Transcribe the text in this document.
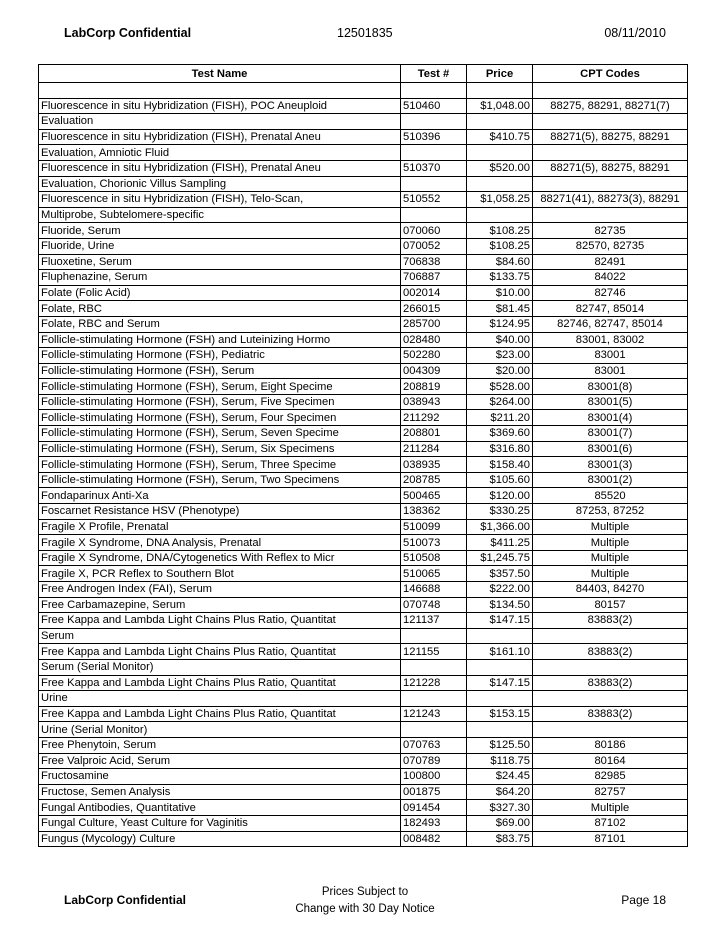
LabCorp Confidential	12501835	08/11/2010
Test Name	Test #	Price	CPT Codes

Fluorescence in situ Hybridization (FISH), POC Aneuploid	510460	$1,048.00	88275, 88291, 88271(7)
Evaluation			
Fluorescence in situ Hybridization (FISH), Prenatal Aneu	510396	$410.75	88271(5), 88275, 88291
Evaluation, Amniotic Fluid			
Fluorescence in situ Hybridization (FISH), Prenatal Aneu	510370	$520.00	88271(5), 88275, 88291
Evaluation, Chorionic Villus Sampling			
Fluorescence in situ Hybridization (FISH), Telo-Scan,	510552	$1,058.25	88271(41), 88273(3), 88291
Multiprobe, Subtelomere-specific			
Fluoride, Serum	070060	$108.25	82735
Fluoride, Urine	070052	$108.25	82570, 82735
Fluoxetine, Serum	706838	$84.60	82491
Fluphenazine, Serum	706887	$133.75	84022
Folate (Folic Acid)	002014	$10.00	82746
Folate, RBC	266015	$81.45	82747, 85014
Folate, RBC and Serum	285700	$124.95	82746, 82747, 85014
Follicle-stimulating Hormone (FSH) and Luteinizing Hormo	028480	$40.00	83001, 83002
Follicle-stimulating Hormone (FSH), Pediatric	502280	$23.00	83001
Follicle-stimulating Hormone (FSH), Serum	004309	$20.00	83001
Follicle-stimulating Hormone (FSH), Serum, Eight Specime	208819	$528.00	83001(8)
Follicle-stimulating Hormone (FSH), Serum, Five Specimen	038943	$264.00	83001(5)
Follicle-stimulating Hormone (FSH), Serum, Four Specimen	211292	$211.20	83001(4)
Follicle-stimulating Hormone (FSH), Serum, Seven Specime	208801	$369.60	83001(7)
Follicle-stimulating Hormone (FSH), Serum, Six Specimens	211284	$316.80	83001(6)
Follicle-stimulating Hormone (FSH), Serum, Three Specime	038935	$158.40	83001(3)
Follicle-stimulating Hormone (FSH), Serum, Two Specimens	208785	$105.60	83001(2)
Fondaparinux Anti-Xa	500465	$120.00	85520
Foscarnet Resistance HSV (Phenotype)	138362	$330.25	87253, 87252
Fragile X Profile, Prenatal	510099	$1,366.00	Multiple
Fragile X Syndrome, DNA Analysis, Prenatal	510073	$411.25	Multiple
Fragile X Syndrome, DNA/Cytogenetics With Reflex to Micr	510508	$1,245.75	Multiple
Fragile X, PCR Reflex to Southern Blot	510065	$357.50	Multiple
Free Androgen Index (FAI), Serum	146688	$222.00	84403, 84270
Free Carbamazepine, Serum	070748	$134.50	80157
Free Kappa and Lambda Light Chains Plus Ratio, Quantitat	121137	$147.15	83883(2)
Serum			
Free Kappa and Lambda Light Chains Plus Ratio, Quantitat	121155	$161.10	83883(2)
Serum (Serial Monitor)			
Free Kappa and Lambda Light Chains Plus Ratio, Quantitat	121228	$147.15	83883(2)
Urine			
Free Kappa and Lambda Light Chains Plus Ratio, Quantitat	121243	$153.15	83883(2)
Urine (Serial Monitor)			
Free Phenytoin, Serum	070763	$125.50	80186
Free Valproic Acid, Serum	070789	$118.75	80164
Fructosamine	100800	$24.45	82985
Fructose, Semen Analysis	001875	$64.20	82757
Fungal Antibodies, Quantitative	091454	$327.30	Multiple
Fungal Culture, Yeast Culture for Vaginitis	182493	$69.00	87102
Fungus (Mycology) Culture	008482	$83.75	87101
LabCorp Confidential
Prices Subject to
Change with 30 Day Notice
Page 18
